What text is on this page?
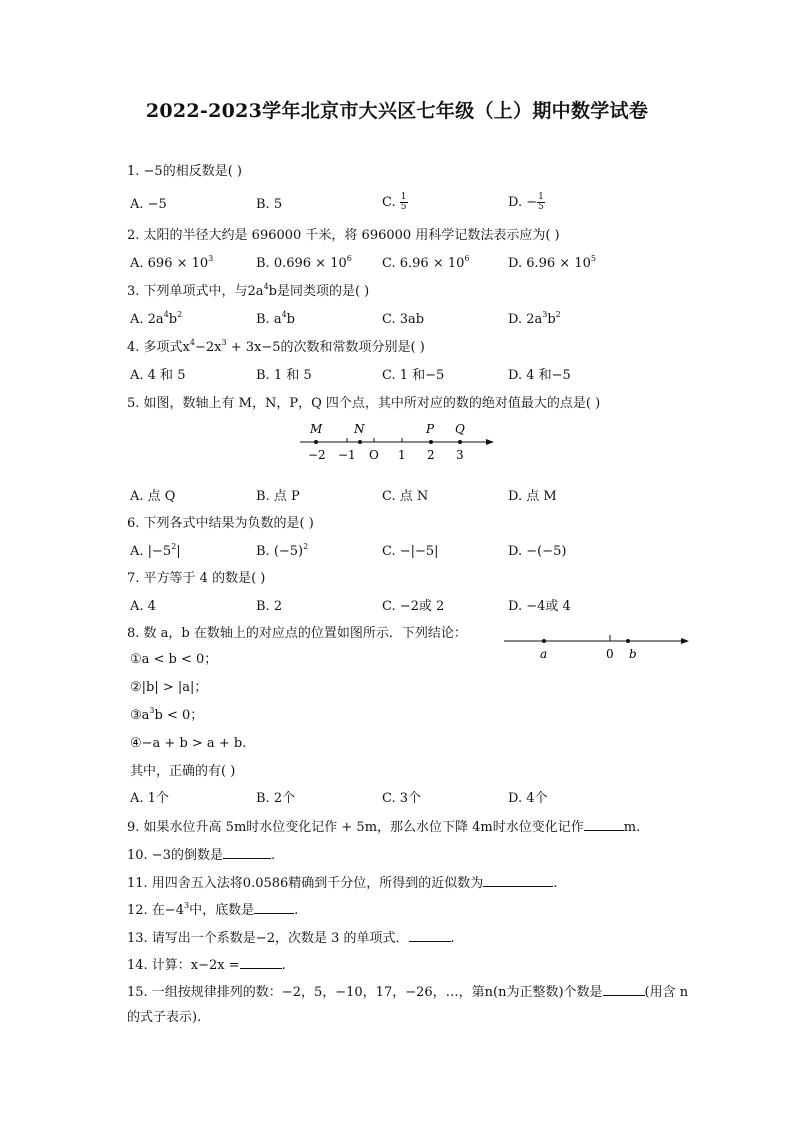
2022-2023学年北京市大兴区七年级（上）期中数学试卷
1. −5的相反数是( )
A. −5	B. 5	C. $\frac{1}{5}$	D. − $\frac{1}{5}$
2. 太阳的半径大约是 696000 千米，将 696000 用科学记数法表示应为( )
A. $696 \times 10^3$	B. $0.696 \times 10^6$ C. $6.96 \times 10^6$	D. $6.96 \times 10^5$
3. 下列单项式中，与$2a^4b$是同类项的是( )
A. $2a^4b^2$	B. $a^4b$	C. 3ab	D. $2a^3b^2$
4. 多项式$x^4-2x^3 + 3x-5$的次数和常数项分别是( )
A. 4 和 5	B. 1 和 5	C. 1 和−5	D. 4 和−5
5. 如图，数轴上有 M，N，P，Q 四个点，其中所对应的数的绝对值最大的点是( )
M	N	P Q
−2 −1 O 1 2 3
A. 点 Q	B. 点 P	C. 点 N	D. 点 M
6. 下列各式中结果为负数的是( )
A. $|-5^2|$	B. $(-5)^2$	C. −|−5|	D. −(−5)
7. 平方等于 4 的数是( )
A. 4	B. 2	C. −2或 2	D. −4或 4
8. 数 a，b 在数轴上的对应点的位置如图所示．下列结论：
a	0 b
①a < b < 0；
②|b| > |a|；
$③a^3b < 0$；
④−a + b > a + b.
其中，正确的有( )
A. 1个	B. 2个	C. 3个	D. 4个
9. 如果水位升高 5m时水位变化记作 + 5m，那么水位下降 4m时水位变化记作	m.
10. −3的倒数是	.
11. 用四舍五入法将0.0586精确到千分位，所得到的近似数为	.
12. 在$-4^3$中，底数是	.
13. 请写出一个系数是−2，次数是 3 的单项式．	.
14. 计算：x−2x =	.
15. 一组按规律排列的数：−2，5，−10，17，−26，…，第n(n为正整数)个数是	(用含 n
的式子表示).
